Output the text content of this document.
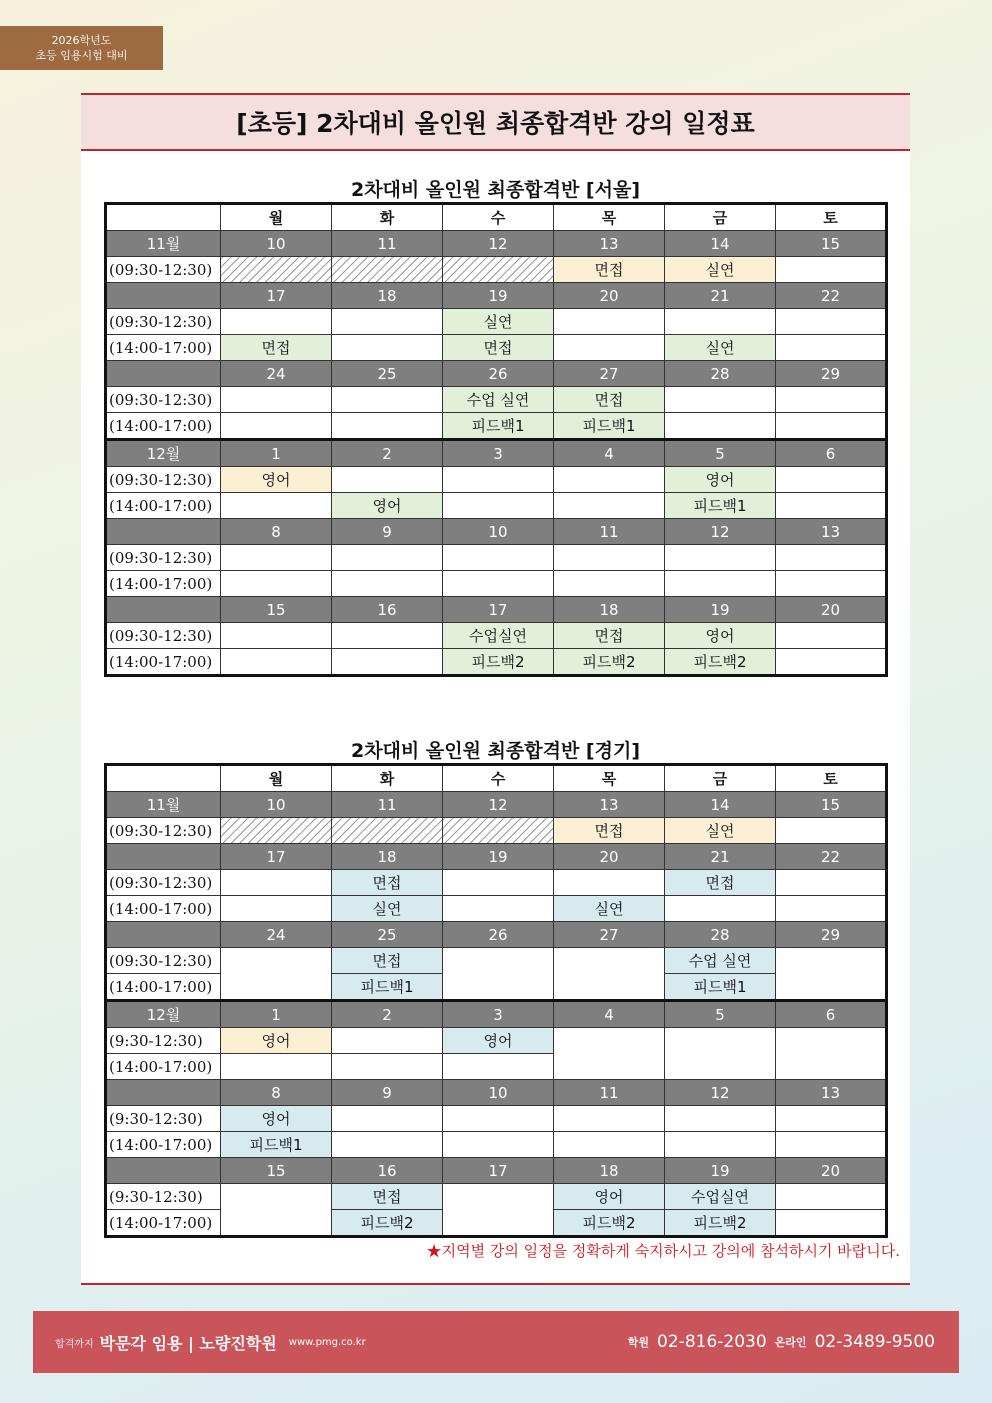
2026학년도
초등 임용시험 대비
[초등] 2차대비 올인원 최종합격반 강의 일정표
2차대비 올인원 최종합격반 [서울]
	월	화	수	목	금	토
11월	10	11	12	13	14	15
(09:30-12:30)				면접	실연	
	17	18	19	20	21	22
(09:30-12:30)			실연			
(14:00-17:00)	면접		면접		실연	
	24	25	26	27	28	29
(09:30-12:30)			수업 실연	면접		
(14:00-17:00)			피드백1	피드백1		
12월	1	2	3	4	5	6
(09:30-12:30)	영어				영어	
(14:00-17:00)		영어			피드백1	
	8	9	10	11	12	13
(09:30-12:30)						
(14:00-17:00)						
	15	16	17	18	19	20
(09:30-12:30)			수업실연	면접	영어	
(14:00-17:00)			피드백2	피드백2	피드백2	
2차대비 올인원 최종합격반 [경기]
	월	화	수	목	금	토
11월	10	11	12	13	14	15
(09:30-12:30)				면접	실연	
	17	18	19	20	21	22
(09:30-12:30)		면접			면접	
(14:00-17:00)		실연		실연		
	24	25	26	27	28	29
(09:30-12:30)		면접			수업 실연	
(14:00-17:00)		피드백1			피드백1	
12월	1	2	3	4	5	6
(9:30-12:30)	영어		영어			
(14:00-17:00)						
	8	9	10	11	12	13
(9:30-12:30)	영어					
(14:00-17:00)	피드백1					
	15	16	17	18	19	20
(9:30-12:30)		면접		영어	수업실연	
(14:00-17:00)		피드백2		피드백2	피드백2	
★지역별 강의 일정을 정확하게 숙지하시고 강의에 참석하시기 바랍니다.
합격까지 박문각 임용 | 노량진학원 www.pmg.co.kr	학원 02-816-2030 온라인 02-3489-9500
